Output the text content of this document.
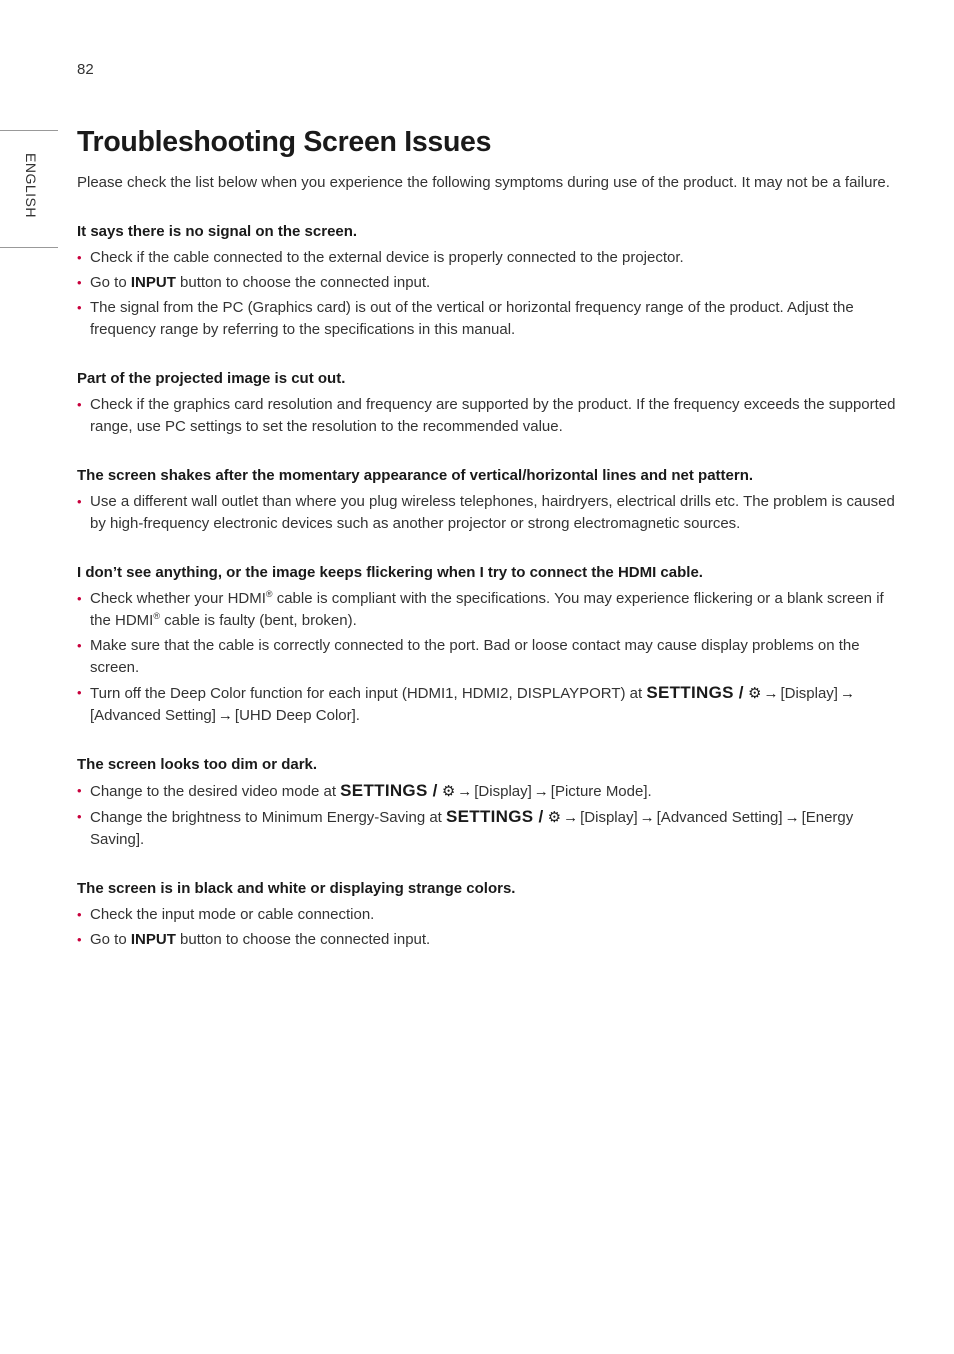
82
ENGLISH
Troubleshooting Screen Issues

Please check the list below when you experience the following symptoms during use of the product. It may not be a failure.

It says there is no signal on the screen.

• Check if the cable connected to the external device is properly connected to the projector.
• Go to INPUT button to choose the connected input.
• The signal from the PC (Graphics card) is out of the vertical or horizontal frequency range of the product. Adjust the frequency range by referring to the specifications in this manual.

Part of the projected image is cut out.

• Check if the graphics card resolution and frequency are supported by the product. If the frequency exceeds the supported range, use PC settings to set the resolution to the recommended value.

The screen shakes after the momentary appearance of vertical/horizontal lines and net pattern.

• Use a different wall outlet than where you plug wireless telephones, hairdryers, electrical drills etc. The problem is caused by high-frequency electronic devices such as another projector or strong electromagnetic sources.

I don’t see anything, or the image keeps flickering when I try to connect the HDMI cable.

• Check whether your HDMI® cable is compliant with the specifications. You may experience flickering or a blank screen if the HDMI® cable is faulty (bent, broken).
• Make sure that the cable is correctly connected to the port. Bad or loose contact may cause display problems on the screen.
• Turn off the Deep Color function for each input (HDMI1, HDMI2, DISPLAYPORT) at SETTINGS / ⚙ → [Display] →[Advanced Setting] → [UHD Deep Color].

The screen looks too dim or dark.

• Change to the desired video mode at SETTINGS / ⚙ → [Display] → [Picture Mode].
• Change the brightness to Minimum Energy-Saving at SETTINGS / ⚙ → [Display] → [Advanced Setting] → [Energy Saving].

The screen is in black and white or displaying strange colors.

• Check the input mode or cable connection.
• Go to INPUT button to choose the connected input.
